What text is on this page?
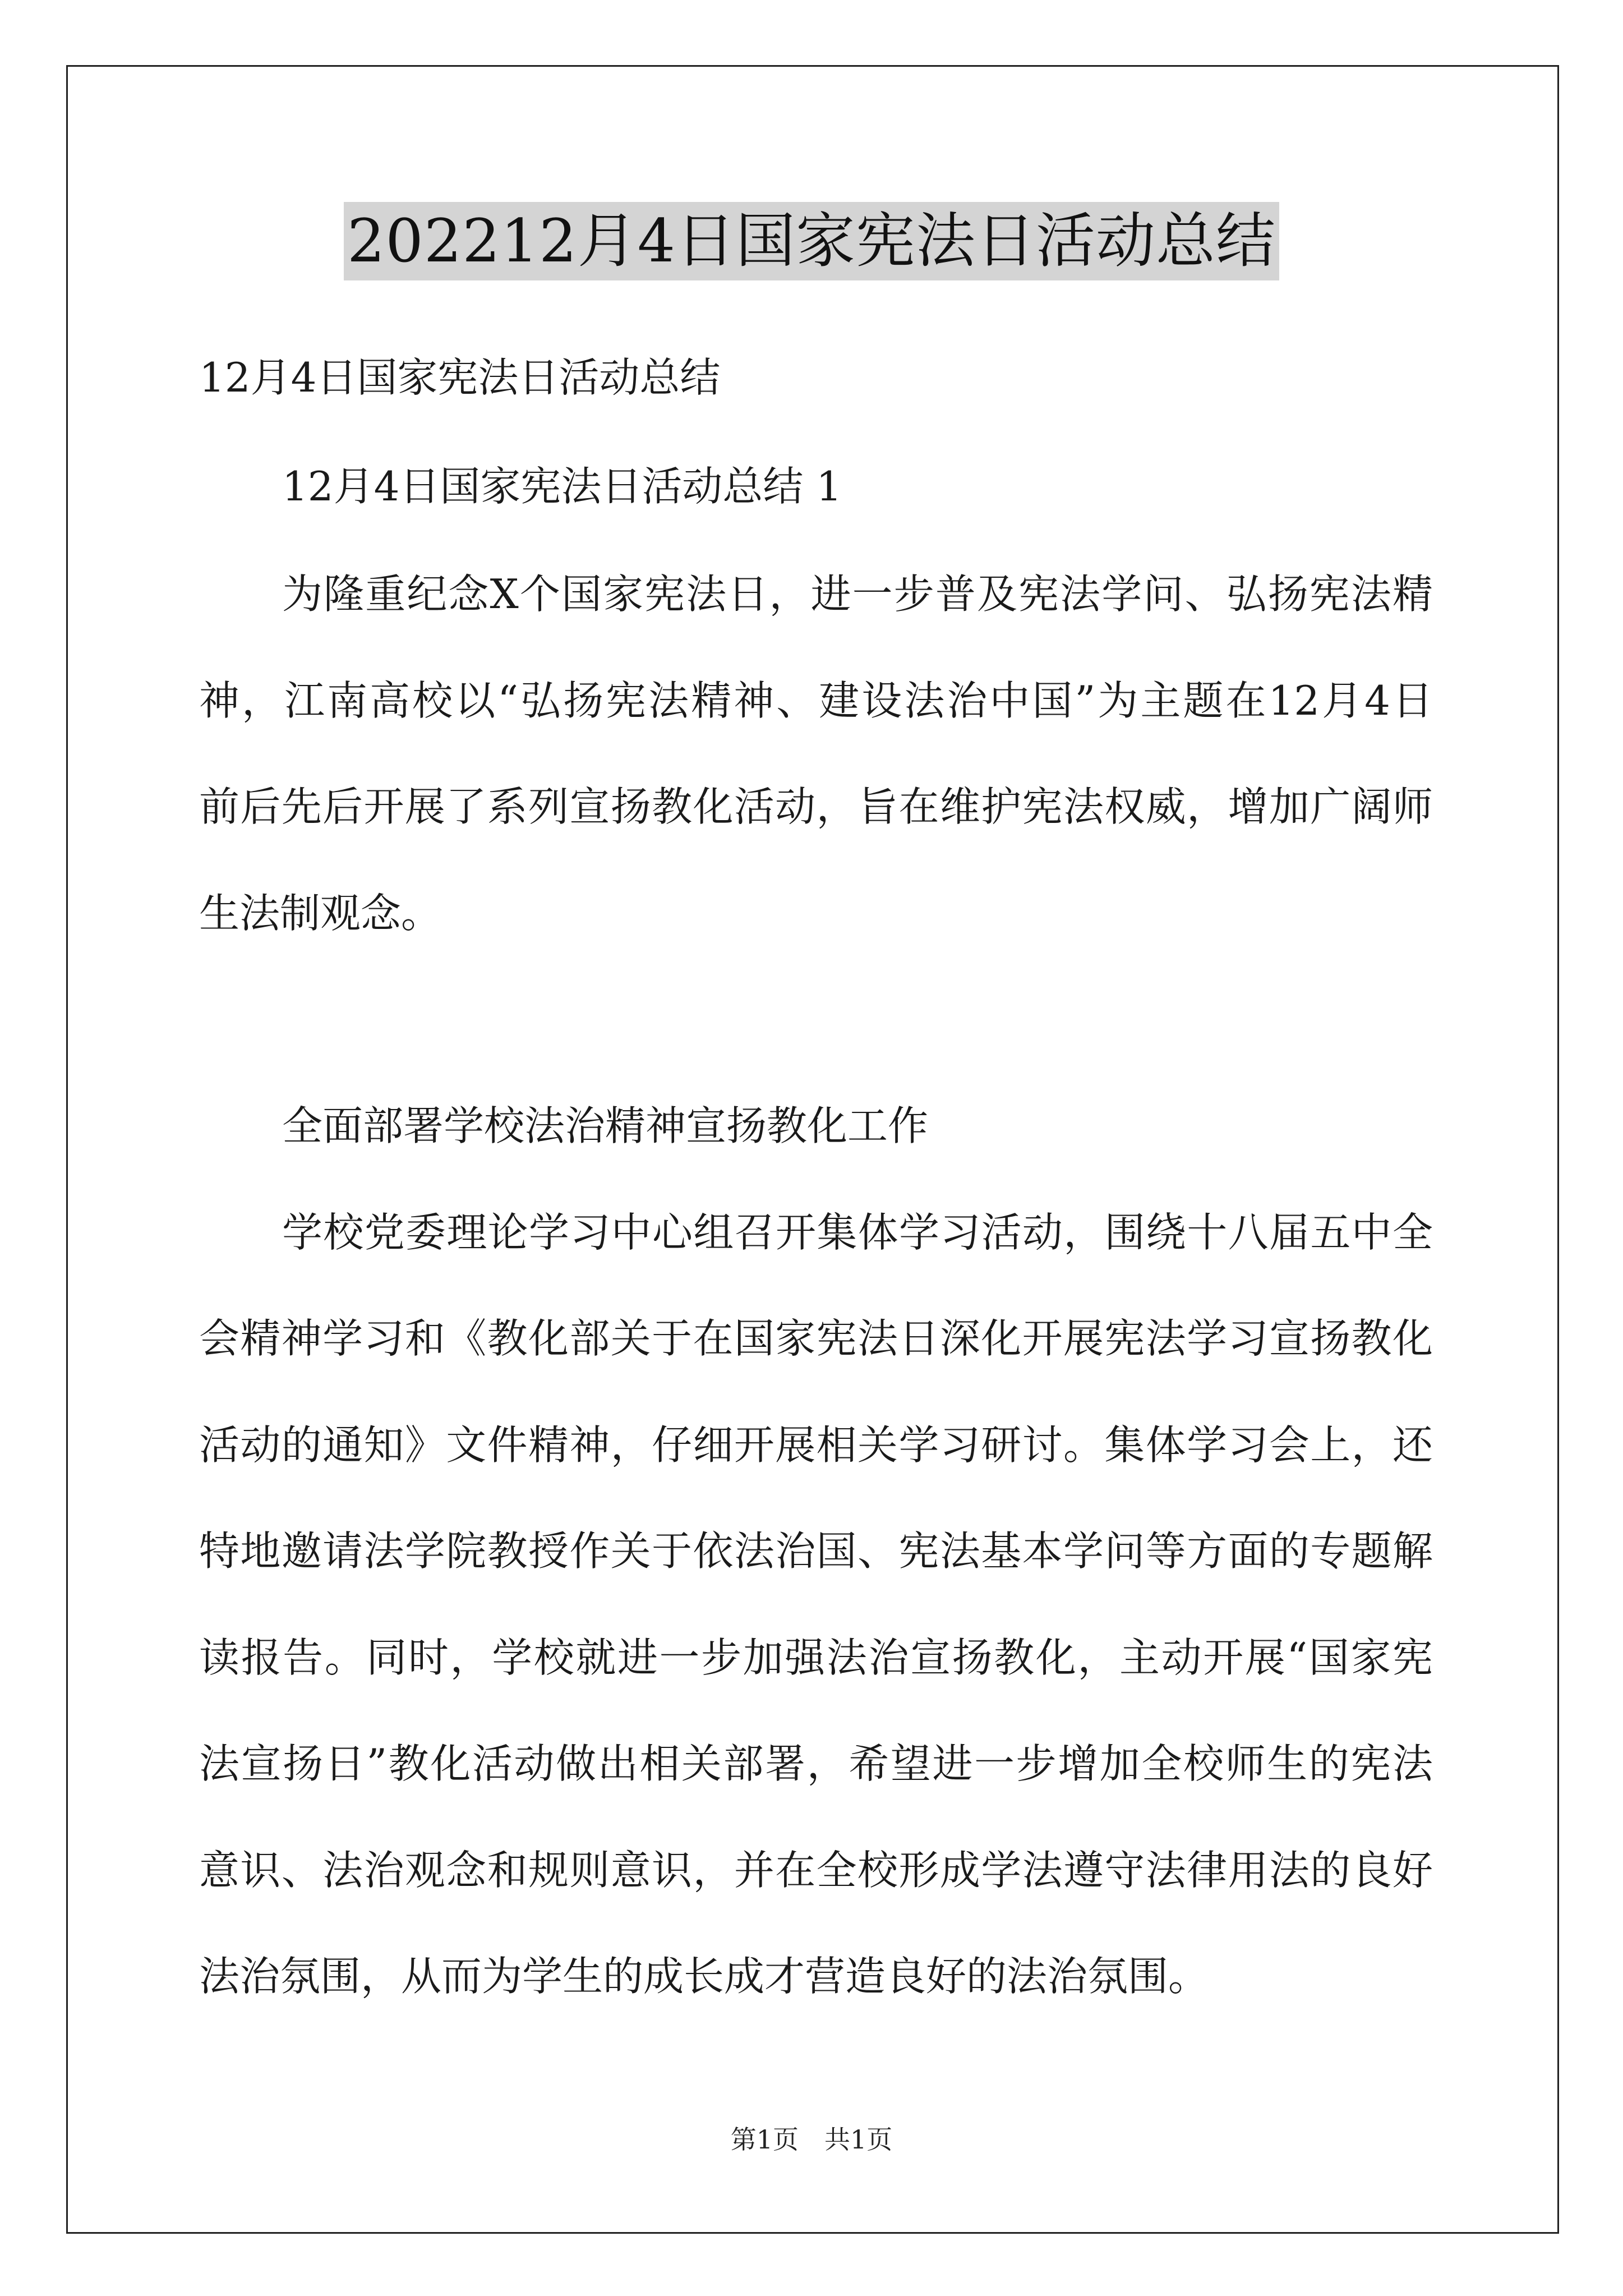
202212月4日国家宪法日活动总结
12月4日国家宪法日活动总结
12月4日国家宪法日活动总结 1
为隆重纪念X个国家宪法日，进一步普及宪法学问、弘扬宪法精
神，江南高校以“弘扬宪法精神、建设法治中国”为主题在12月4日
前后先后开展了系列宣扬教化活动，旨在维护宪法权威，增加广阔师
生法制观念。
全面部署学校法治精神宣扬教化工作
学校党委理论学习中心组召开集体学习活动，围绕十八届五中全
会精神学习和《教化部关于在国家宪法日深化开展宪法学习宣扬教化
活动的通知》文件精神，仔细开展相关学习研讨。集体学习会上，还
特地邀请法学院教授作关于依法治国、宪法基本学问等方面的专题解
读报告。同时，学校就进一步加强法治宣扬教化，主动开展“国家宪
法宣扬日”教化活动做出相关部署，希望进一步增加全校师生的宪法
意识、法治观念和规则意识，并在全校形成学法遵守法律用法的良好
法治氛围，从而为学生的成长成才营造良好的法治氛围。
第1页　共1页
